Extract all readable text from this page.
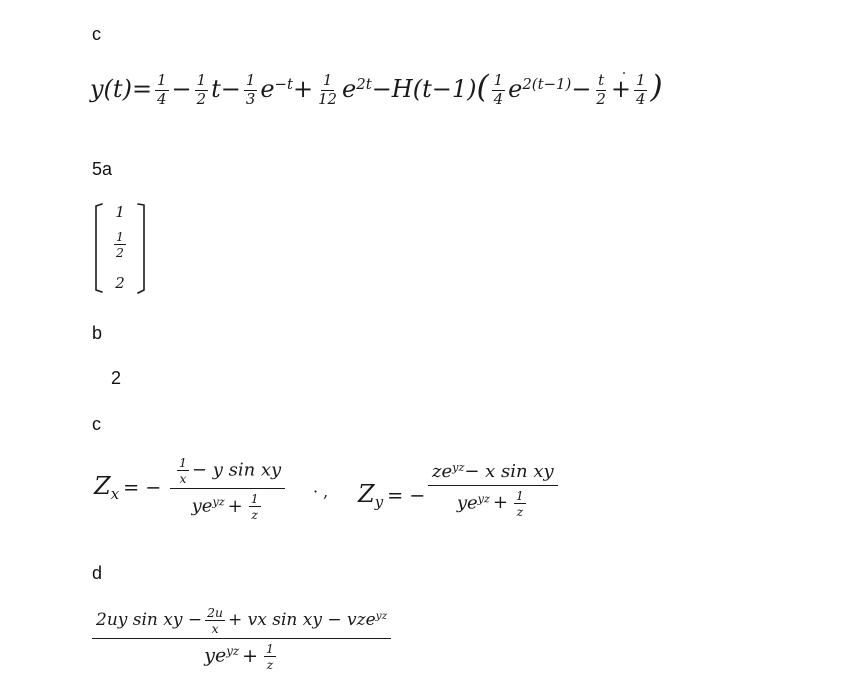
c
$y(t)= \frac{1}{4} - \frac{1}{2} t- \frac{1}{3} e^{-t}+ \frac{1}{12} e^{2t}-H(t-1)( \frac{1}{4} e^{2(t-1)}- \frac{t}{2} + \frac{1}{4}$ )
5a
1
$\frac{1}{2}$
2
b
2
c
$Z_x$ = −
$\frac{1}{x} - y$ sin xy
$ye^{yz} + \frac{1}{z}$
· , $Z_y$ = −
$ze^{yz}- x$ sin xy
$ye^{yz} + \frac{1}{z}$
d
2uy sin xy − $\frac{2u}{x}$ + vx sin xy − vze$^{yz}$
$ye^{yz} + \frac{1}{z}$
